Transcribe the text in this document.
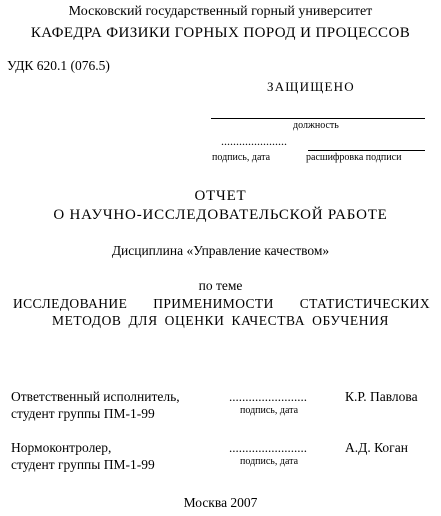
Московский государственный горный университет
КАФЕДРА ФИЗИКИ ГОРНЫХ ПОРОД И ПРОЦЕССОВ
УДК 620.1 (076.5)
ЗАЩИЩЕНО
должность
......................
подпись, дата	расшифровка подписи
ОТЧЕТ
О НАУЧНО-ИССЛЕДОВАТЕЛЬСКОЙ РАБОТЕ
Дисциплина «Управление качеством»
по теме
ИССЛЕДОВАНИЕ ПРИМЕНИМОСТИ СТАТИСТИЧЕСКИХ
МЕТОДОВ ДЛЯ ОЦЕНКИ КАЧЕСТВА ОБУЧЕНИЯ
Ответственный исполнитель,
студент группы ПМ-1-99
........................
подпись, дата
К.Р. Павлова
Нормоконтролер,
студент группы ПМ-1-99
........................
подпись, дата
А.Д. Коган
Москва 2007
